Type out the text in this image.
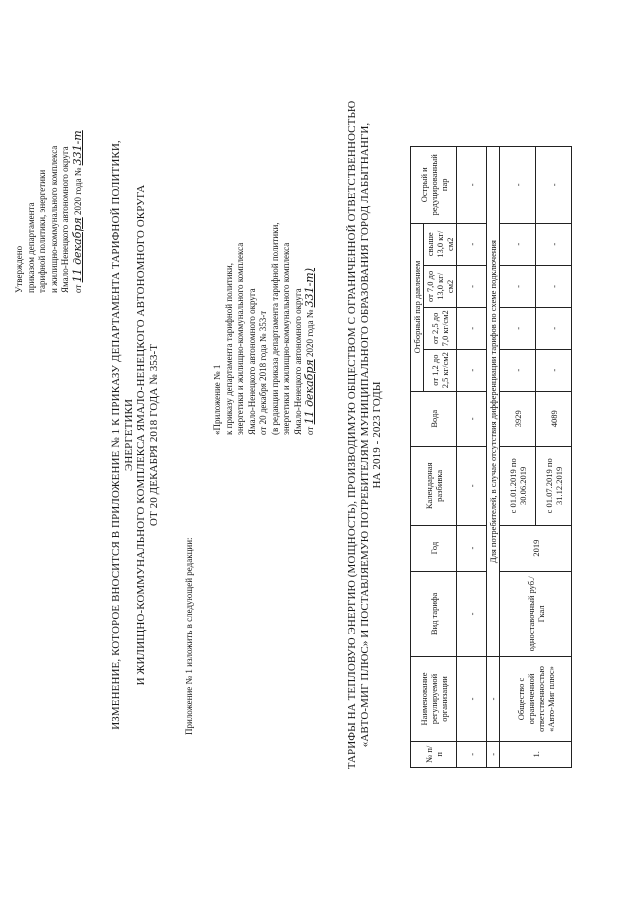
Утверждено приказом департамента тарифной политики, энергетики и жилищно-коммунального комплекса Ямало-Ненецкого автономного округа от 11 декабря 2020 года № 331-т ИЗМЕНЕНИЕ, КОТОРОЕ ВНОСИТСЯ В ПРИЛОЖЕНИЕ № 1 К ПРИКАЗУ ДЕПАРТАМЕНТА ТАРИФНОЙ ПОЛИТИКИ, ЭНЕРГЕТИКИ И ЖИЛИЩНО-КОММУНАЛЬНОГО КОМПЛЕКСА ЯМАЛО-НЕНЕЦКОГО АВТОНОМНОГО ОКРУГА ОТ 20 ДЕКАБРЯ 2018 ГОДА № 353-Т
Приложение № 1 изложить в следующей редакции:
«Приложение № 1 к приказу департамента тарифной политики, энергетики и жилищно-коммунального комплекса Ямало-Ненецкого автономного округа от 20 декабря 2018 года № 353-т (в редакции приказа департамента тарифной политики, энергетики и жилищно-коммунального комплекса Ямало-Ненецкого автономного округа от 11 декабря 2020 года № 331-т)	ТАРИФЫ НА ТЕПЛОВУЮ ЭНЕРГИЮ (МОЩНОСТЬ), ПРОИЗВОДИМУЮ ОБЩЕСТВОМ С ОГРАНИЧЕННОЙ ОТВЕТСТВЕННОСТЬЮ «АВТО-МИГ ПЛЮС» И ПОСТАВЛЯЕМУЮ ПОТРЕБИТЕЛЯМ МУНИЦИПАЛЬНОГО ОБРАЗОВАНИЯ ГОРОД ЛАБЫТНАНГИ, НА 2019 - 2023 ГОДЫ
№ п/п	Наименование регулируемой организации	Вид тарифа	Год	Календарная разбивка	Вода	Отборный пар давлением				Острый и редуцированный пар
						от 1,2 до 2,5 кг/см2	от 2,5 до 7,0 кг/см2	от 7,0 до 13,0 кг/см2	свыше 13,0 кг/см2	
-	-	-	-	-	-	-	-	-	-	-
-	-	Для потребителей, в случае отсутствия дифференциации тарифов по схеме подключения								
1.	Общество с ограниченной ответственностью «Авто-Миг плюс»	одноставочный руб./Гкал	2019	с 01.01.2019 по 30.06.2019	3929	-	-	-	-	-
				с 01.07.2019 по 31.12.2019	4089	-	-	-	-	-
